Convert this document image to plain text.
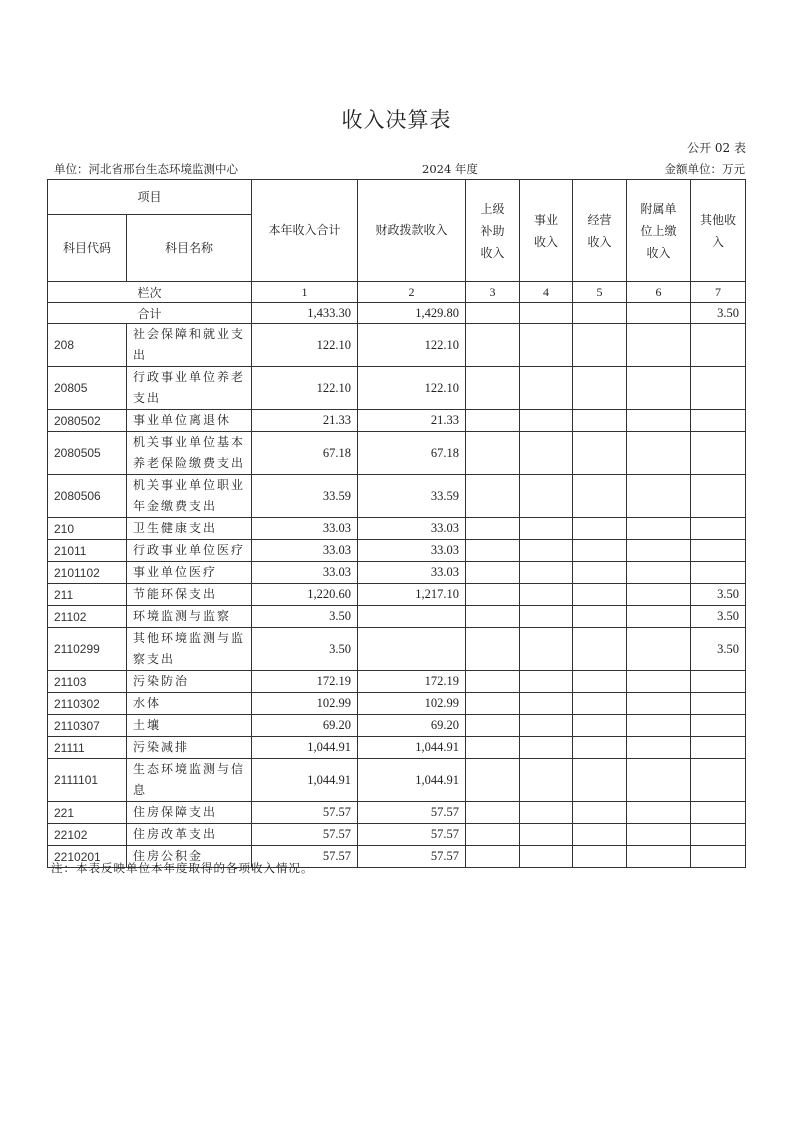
收入决算表
公开 02 表
单位：河北省邢台生态环境监测中心	2024 年度	金额单位：万元
项目		本年收入合计	财政拨款收入	上级补助收入	事业收入	经营收入	附属单位上缴收入	其他收入

科目代码	科目名称							
栏次		1	2	3	4	5	6	7
合计		1,433.30	1,429.80					3.50
208	社会保障和就业支出	122.10	122.10					
20805	行政事业单位养老支出	122.10	122.10					
2080502	事业单位离退休	21.33	21.33					
2080505	机关事业单位基本养老保险缴费支出	67.18	67.18					
2080506	机关事业单位职业年金缴费支出	33.59	33.59					
210	卫生健康支出	33.03	33.03					
21011	行政事业单位医疗	33.03	33.03					
2101102	事业单位医疗	33.03	33.03					
211	节能环保支出	1,220.60	1,217.10					3.50
21102	环境监测与监察	3.50						3.50
2110299	其他环境监测与监察支出	3.50						3.50
21103	污染防治	172.19	172.19					
2110302	水体	102.99	102.99					
2110307	土壤	69.20	69.20					
21111	污染减排	1,044.91	1,044.91					
2111101	生态环境监测与信息	1,044.91	1,044.91					
221	住房保障支出	57.57	57.57					
22102	住房改革支出	57.57	57.57					
2210201	住房公积金	57.57	57.57					
注：本表反映单位本年度取得的各项收入情况。
